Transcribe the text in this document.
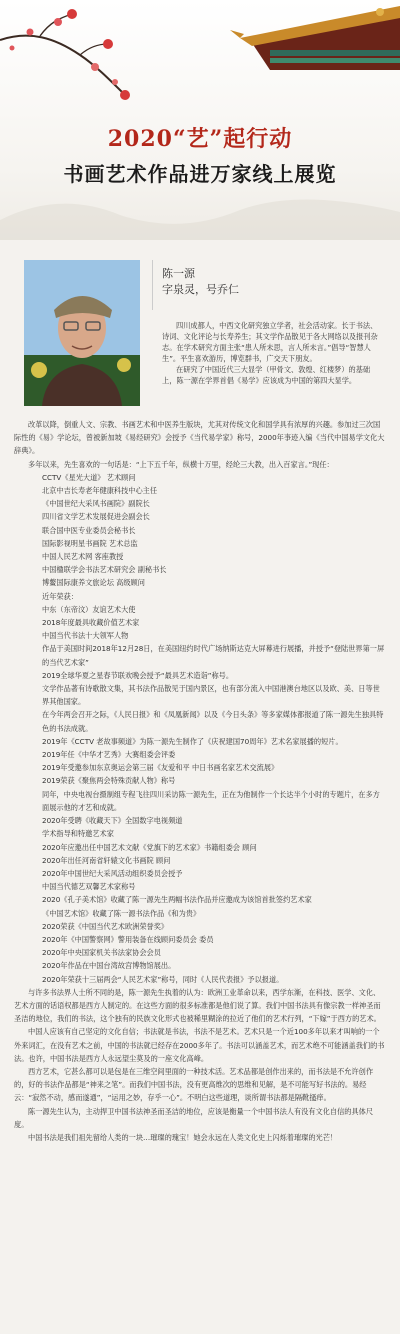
2020“艺”起行动
书画艺术作品进万家线上展览
陈一源
字泉灵，号乔仁

四川成都人，中西文化研究独立学者，社会活动家。长于书法、诗词、文化评论与长寿养生；其文学作品散见于各大网络以及报刊杂志。在学术研究方面主张“患人所未思，言人所未言。”倡导“智慧人生”。平生喜欢游历，博览群书，广交天下朋友。

在研究了中国近代三大显学（甲骨文、敦煌、红楼梦）的基础上，陈一源在学界首倡《易学》应该成为中国的第四大显学。

改革以降，倒重人文、宗教、书画艺术和中医养生版块，尤其对传统文化和国学具有浓厚的兴趣。参加过三次国际性的《易》学论坛，曾被新加坡《易经研究》会授予《当代易学家》称号，2000年亊迹入编《当代中国易学文化大辞典》。

多年以来，先生喜欢的一句话是：“上下五千年，纵横十万里，经纶三大教，出入百家言。”现任：

CCTV《星光大道》 艺术顾问

北京中吉长寿老年健康科技中心主任

《中国世纪大采风书画院》副院长

四川省文学艺术发展促进会副会长

联合国中医专业委员会秘书长

国际影视明星书画院 艺术总监

中国人民艺术网 客座教授

中国楹联学会书法艺术研究会 副秘书长

博鳌国际康养文旅论坛 高级顾问

近年荣获：

中东（东帝汶）友谊艺术大使

2018年度最具收藏价值艺术家

中国当代书法十大领军人物

作品于美国时间2018年12月28日，在美国纽约时代广场纳斯达克大屏幕进行展播，并授予“登陆世界第一屏的当代艺术家”

2019全球华夏之星春节联欢晚会授予“最具艺术造诣”称号。

文学作品著有诗歌散文集，其书法作品散见于国内景区，也有部分流入中国港澳台地区以及欧、美、日等世界其他国家。

在今年两会召开之际，《人民日报》和《凤凰新闻》以及《今日头条》等多家媒体都报道了陈一源先生独具特色的书法成就。

2019年《CCTV 老故事频道》为陈一源先生制作了《庆祝建国70周年》艺术名家展播的短片。

2019年任《中华才艺秀》大赛组委会评委

2019年受邀参加东京奥运会第三届《友爱和平 中日书画名家艺术交流展》

2019荣获《聚焦两会特殊贡献人物》称号

同年，中央电视台摄制组专程飞往四川采访陈一源先生，正在为他制作一个长达半个小时的专题片，在多方面展示他的才艺和成就。

2020年受聘《收藏天下》全国数字电视频道

学术指导和特邀艺术家

2020年应邀出任中国艺术文献《党旗下的艺术家》书籍组委会 顾问

2020年出任河南省轩辕文化书画院 顾问

2020年中国世纪大采风活动组织委员会授予

中国当代德艺双馨艺术家称号

2020《孔子美术馆》收藏了陈一源先生两幅书法作品并应邀成为该馆首批签约艺术家

《中国艺术馆》收藏了陈一源书法作品《和为贵》

2020荣获《中国当代艺术欧洲荣誉奖》

2020年《中国警察网》警用装备在线顾问委员会 委员

2020年中央国家机关书法家协会会员

2020年作品在中国台湾故宫博物馆展出。

2020年荣获十三届两会“人民艺术家”称号，同时《人民代表报》予以报道。

与许多书法界人士所不同的是，陈一源先生执着的认为：欧洲工业革命以来，西学东渐，在科技、医学、文化、艺术方面的话语权都是西方人制定的。在这些方面的很多标准都是他们说了算。我们中国书法具有像宗教一样神圣而圣洁的地位，我们的书法，这个独有的民族文化形式也被稀里糊涂的拉近了他们的艺术行列，“下嫁”于西方的艺术。

中国人应该有自己坚定的文化自信；书法就是书法，书法不是艺术。艺术只是一个近100多年以来才叫响的一个外来词汇，在没有艺术之前，中国的书法就已经存在2000多年了。书法可以涵盖艺术，而艺术绝不可能涵盖我们的书法。也许，中国书法是西方人永远望尘莫及的一座文化高峰。

西方艺术，它甚么都可以是包是在三维空间里面的一种技术活。艺术品都是创作出来的，而书法是不允许创作的，好的书法作品都是“神来之笔”。而我们中国书法，没有更高维次的思维和见解，是不可能写好书法的。易经云：“寂然不动，感而遂通”，“运用之妙，存乎一心”。不明白这些道理，谈所谓书法都是隔靴搔痒。

陈一源先生认为，主动捍卫中国书法神圣而圣洁的地位，应该是衡量一个中国书法人有没有文化自信的具体尺度。

中国书法是我们祖先留给人类的一块…璀璨的瑰宝！她会永远在人类文化史上闪烁着璀璨的光芒！
